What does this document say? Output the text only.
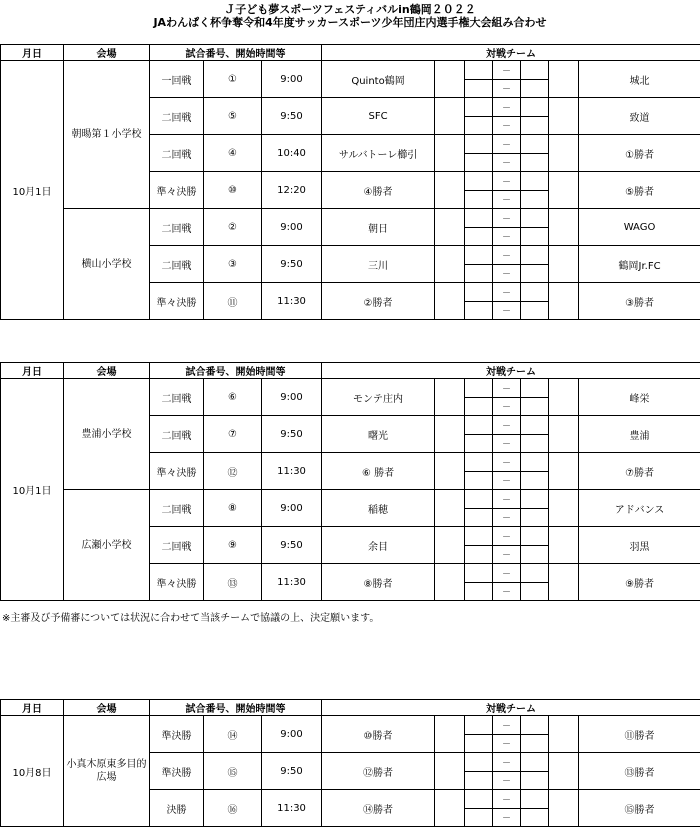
Ｊ子ども夢スポーツフェスティバルin鶴岡２０２２
JAわんぱく杯争奪令和4年度サッカースポーツ少年団庄内選手権大会組み合わせ
月日	会場	試合番号、開始時間等			対戦チーム						
10月1日	朝暘第１小学校	一回戦	①	9:00	Quinto鶴岡			－			城北
								－			
		二回戦	⑤	9:50	SFC			－			致道
								－			
		二回戦	④	10:40	サルバトーレ櫛引			－			①勝者
								－			
		準々決勝	⑩	12:20	④勝者			－			⑤勝者
								－			
	横山小学校	二回戦	②	9:00	朝日			－			WAGO
								－			
		二回戦	③	9:50	三川			－			鶴岡Jr.FC
								－			
		準々決勝	⑪	11:30	②勝者			－			③勝者
								－			
月日	会場	試合番号、開始時間等			対戦チーム						
10月1日	豊浦小学校	二回戦	⑥	9:00	モンテ庄内			－			峰栄
								－			
		二回戦	⑦	9:50	曙光			－			豊浦
								－			
		準々決勝	⑫	11:30	⑥ 勝者			－			⑦勝者
								－			
	広瀬小学校	二回戦	⑧	9:00	稲穂			－			アドバンス
								－			
		二回戦	⑨	9:50	余目			－			羽黒
								－			
		準々決勝	⑬	11:30	⑧勝者			－			⑨勝者
								－			
※主審及び予備審については状況に合わせて当該チームで協議の上、決定願います。
月日	会場	試合番号、開始時間等			対戦チーム						
10月8日	小真木原東多目的広場	準決勝	⑭	9:00	⑩勝者			－			⑪勝者
								－			
		準決勝	⑮	9:50	⑫勝者			－			⑬勝者
								－			
		決勝	⑯	11:30	⑭勝者			－			⑮勝者
								－			
